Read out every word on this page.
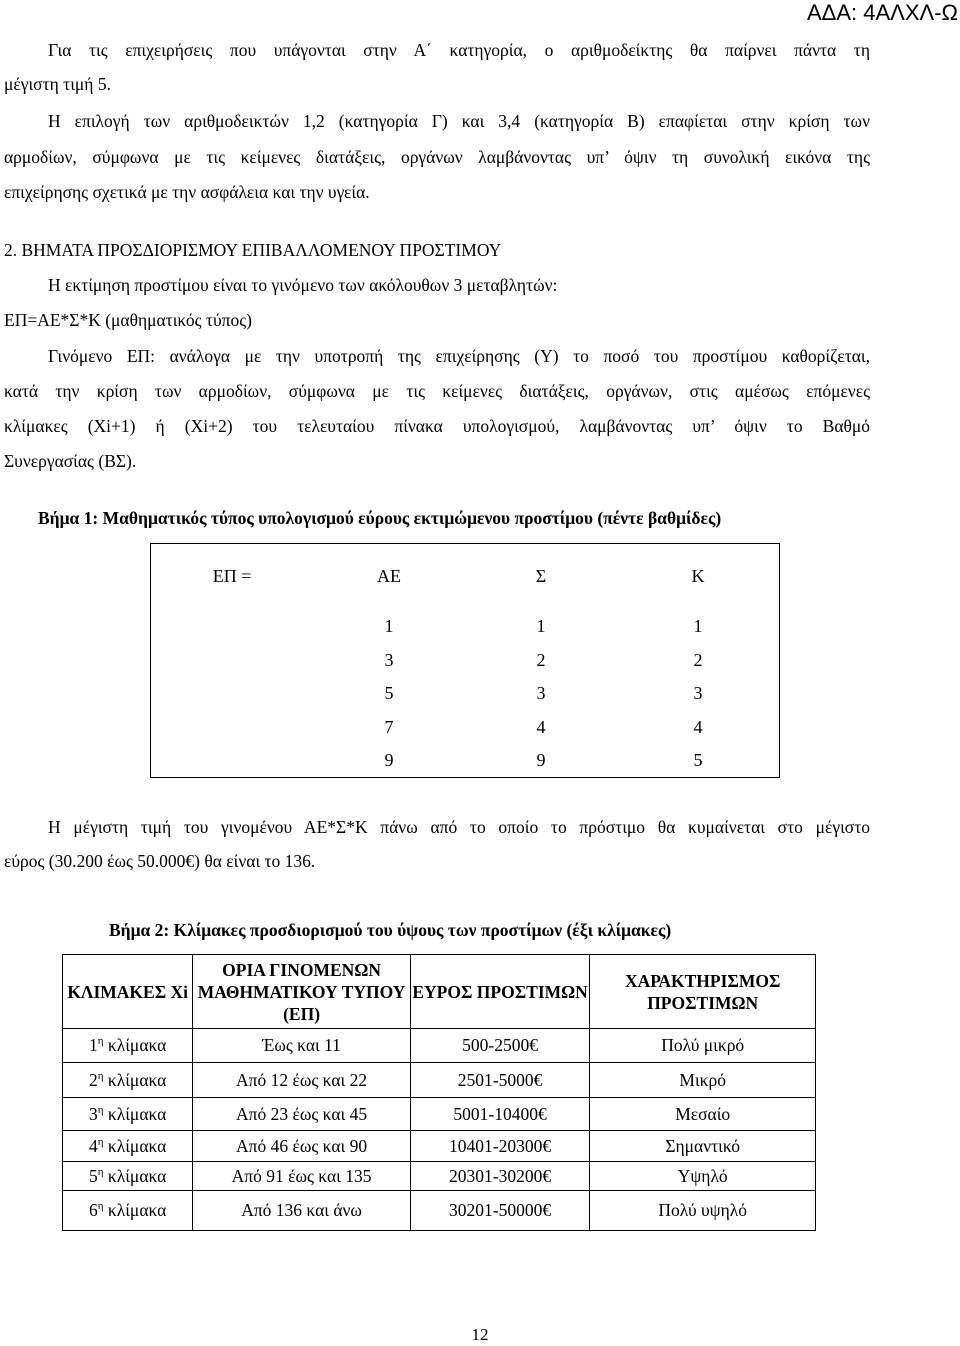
ΑΔΑ: 4ΑΛΧΛ-Ω
Για τις επιχειρήσεις που υπάγονται στην Α΄ κατηγορία, ο αριθμοδείκτης θα παίρνει πάντα τη
μέγιστη τιμή 5.
Η επιλογή των αριθμοδεικτών 1,2 (κατηγορία Γ) και 3,4 (κατηγορία Β) επαφίεται στην κρίση των
αρμοδίων, σύμφωνα με τις κείμενες διατάξεις, οργάνων λαμβάνοντας υπ’ όψιν τη συνολική εικόνα της
επιχείρησης σχετικά με την ασφάλεια και την υγεία.
2. ΒΗΜΑΤΑ ΠΡΟΣΔΙΟΡΙΣΜΟΥ ΕΠΙΒΑΛΛΟΜΕΝΟΥ ΠΡΟΣΤΙΜΟΥ
Η εκτίμηση προστίμου είναι το γινόμενο των ακόλουθων 3 μεταβλητών:
ΕΠ=ΑΕ*Σ*Κ (μαθηματικός τύπος)
Γινόμενο ΕΠ: ανάλογα με την υποτροπή της επιχείρησης (Υ) το ποσό του προστίμου καθορίζεται,
κατά την κρίση των αρμοδίων, σύμφωνα με τις κείμενες διατάξεις, οργάνων, στις αμέσως επόμενες
κλίμακες (Χi+1) ή (Χi+2) του τελευταίου πίνακα υπολογισμού, λαμβάνοντας υπ’ όψιν το Βαθμό
Συνεργασίας (ΒΣ).
Βήμα 1: Μαθηματικός τύπος υπολογισμού εύρους εκτιμώμενου προστίμου (πέντε βαθμίδες)
ΕΠ =	ΑΕ	Σ	Κ
	1	1	1
	3	2	2
	5	3	3
	7	4	4
	9	9	5
Η μέγιστη τιμή του γινομένου ΑΕ*Σ*Κ πάνω από το οποίο το πρόστιμο θα κυμαίνεται στο μέγιστο
εύρος (30.200 έως 50.000€) θα είναι το 136.
Βήμα 2: Κλίμακες προσδιορισμού του ύψους των προστίμων (έξι κλίμακες)
ΚΛΙΜΑΚΕΣ Χi	ΟΡΙΑ ΓΙΝΟΜΕΝΩΝ ΜΑΘΗΜΑΤΙΚΟΥ ΤΥΠΟΥ (ΕΠ)	ΕΥΡΟΣ ΠΡΟΣΤΙΜΩΝ	ΧΑΡΑΚΤΗΡΙΣΜΟΣ ΠΡΟΣΤΙΜΩΝ
$1^\eta$ κλίμακα	Έως και 11	500-2500€	Πολύ μικρό
$2^\eta$ κλίμακα	Από 12 έως και 22	2501-5000€	Μικρό
$3^\eta$ κλίμακα	Από 23 έως και 45	5001-10400€	Μεσαίο
$4^\eta$ κλίμακα	Από 46 έως και 90	10401-20300€	Σημαντικό
$5^\eta$ κλίμακα	Από 91 έως και 135	20301-30200€	Υψηλό
$6^\eta$ κλίμακα	Από 136 και άνω	30201-50000€	Πολύ υψηλό
12
